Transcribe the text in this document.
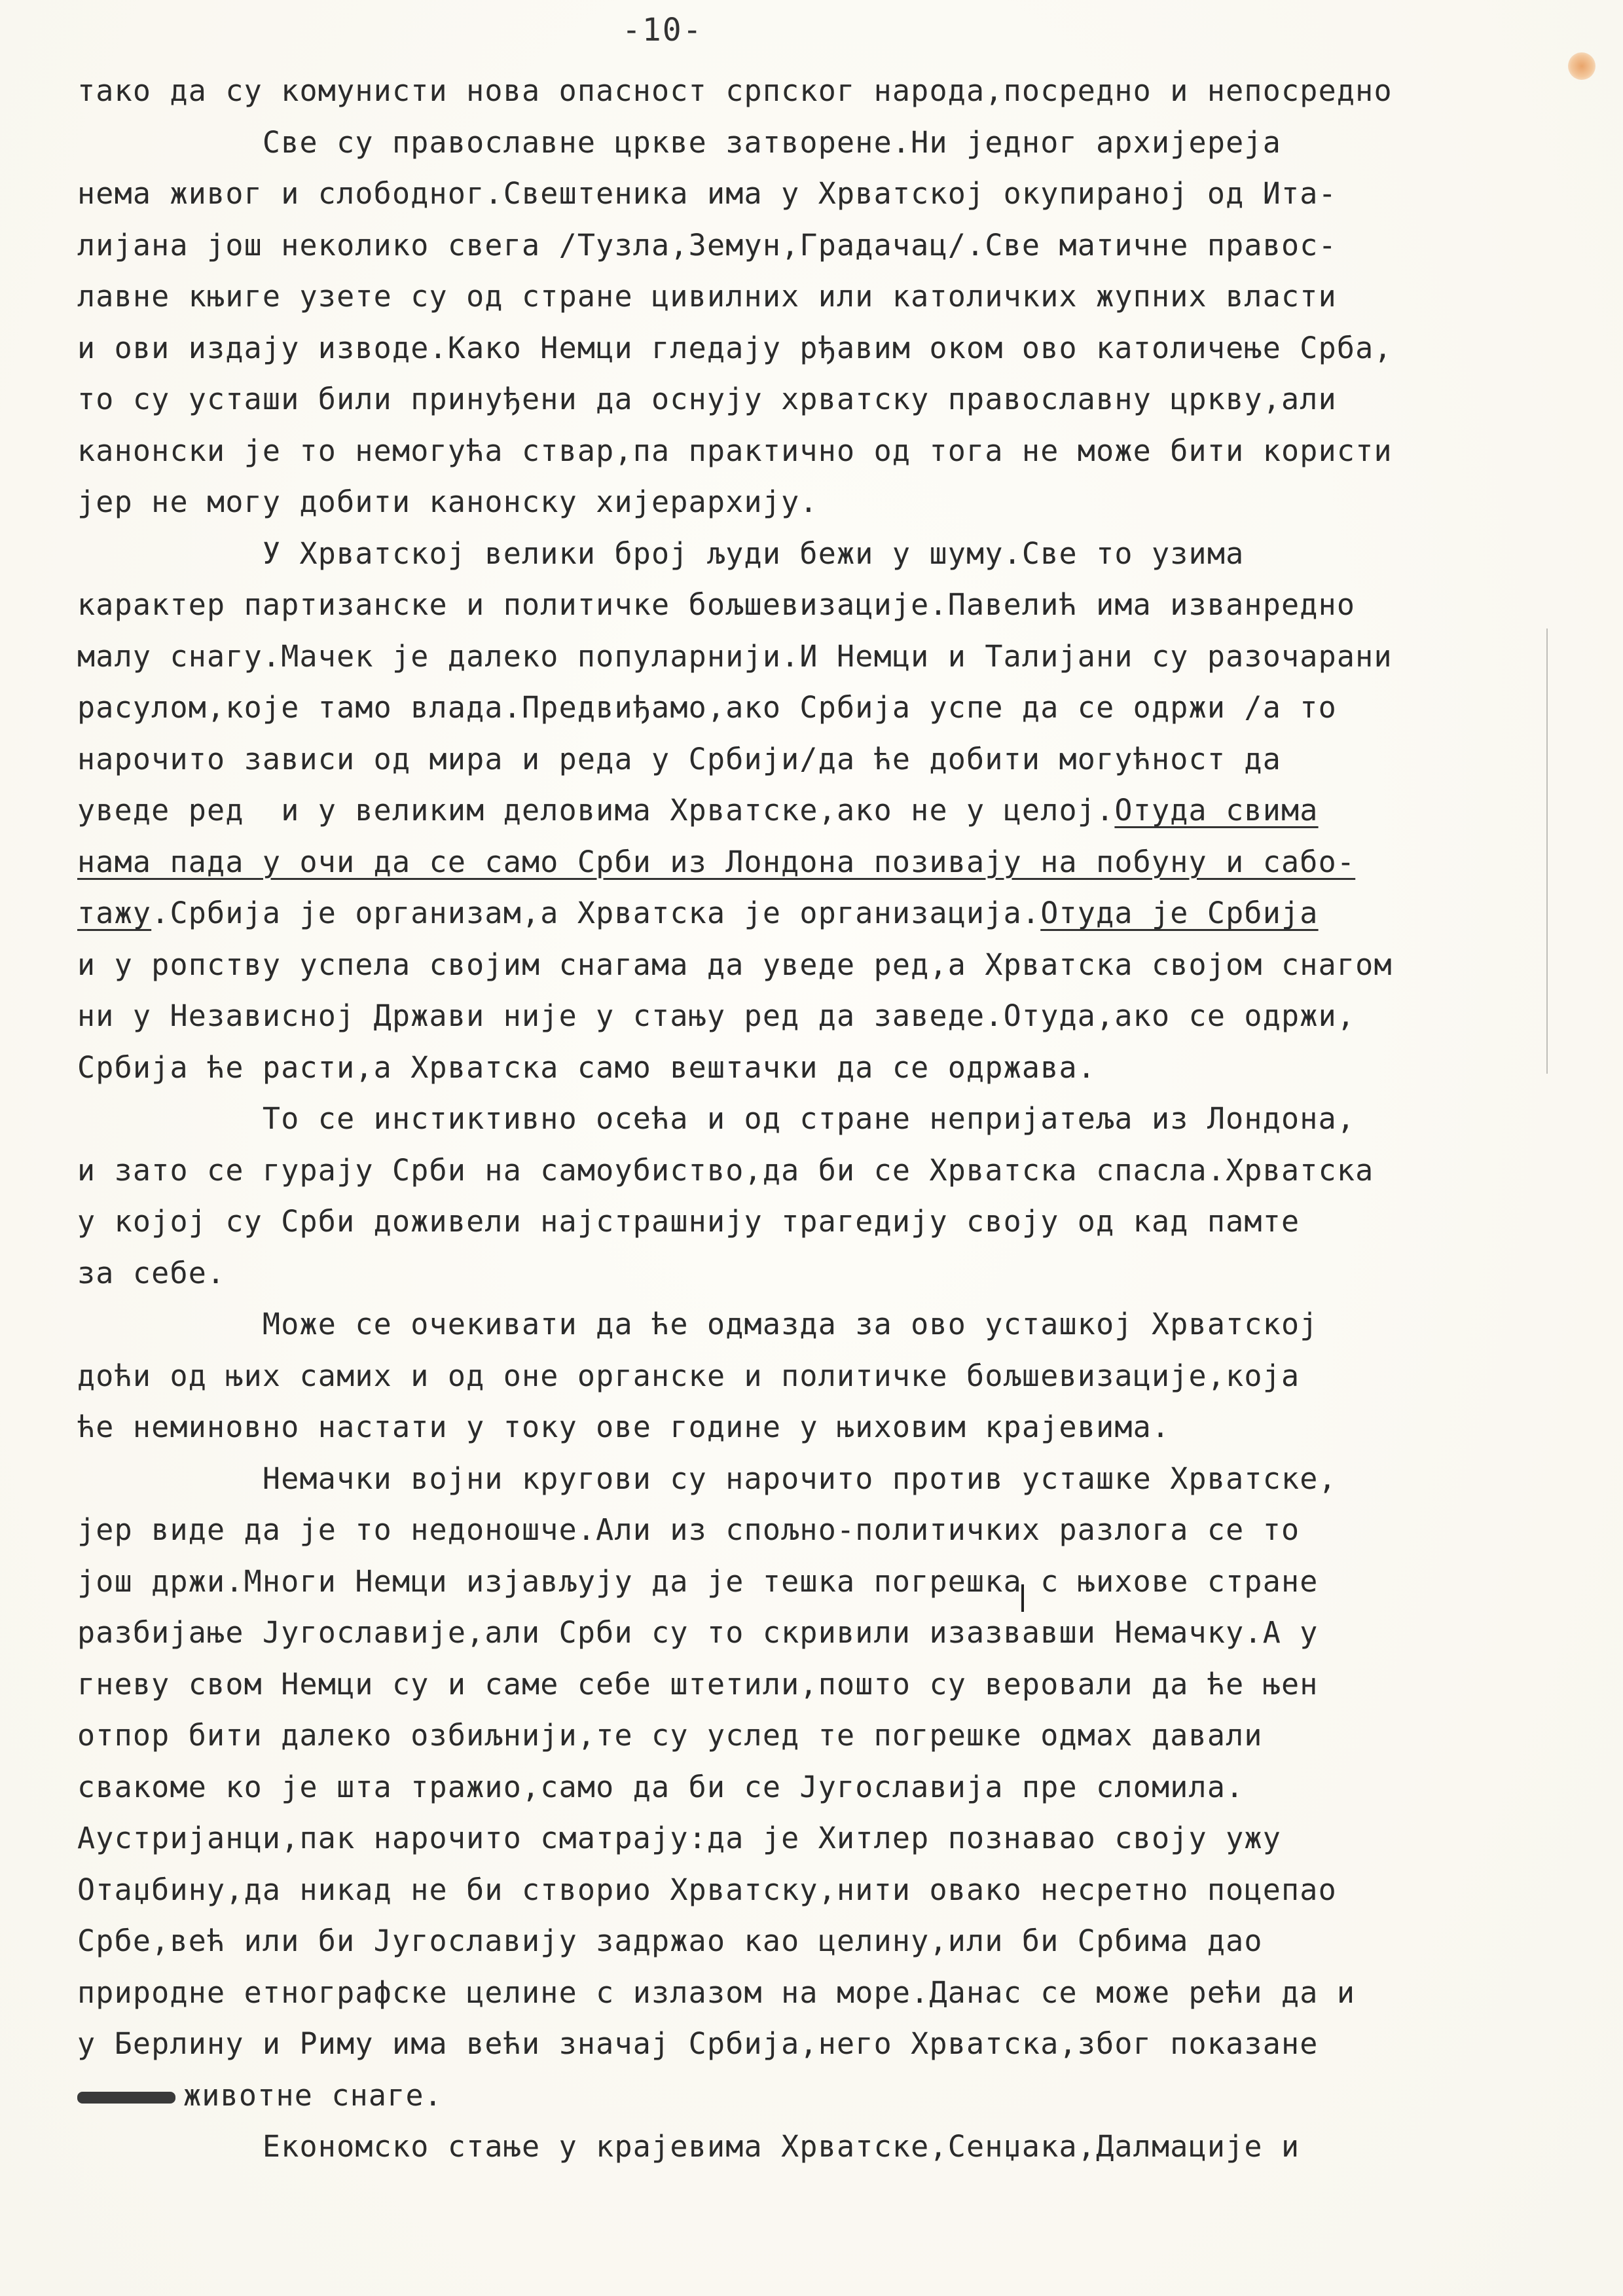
-10-
тако да су комунисти нова опасност српског народа,посредно и непосредно
Све су православне цркве затворене.Ни једног архијереја
нема живог и слободног.Свештеника има у Хрватској окупираној од Ита-
лијана још неколико свега /Тузла,Земун,Градачац/.Све матичне правос-
лавне књиге узете су од стране цивилних или католичких жупних власти
и ови издају изводе.Како Немци гледају рђавим оком ово католичење Срба,
то су усташи били принуђени да оснују хрватску православну цркву,али
канонски је то немогућа ствар,па практично од тога не може бити користи
јер не могу добити канонску хијерархију.
У Хрватској велики број људи бежи у шуму.Све то узима
карактер партизанске и политичке бољшевизације.Павелић има изванредно
малу снагу.Мачек је далеко популарнији.И Немци и Талијани су разочарани
расулом,које тамо влада.Предвиђамо,ако Србија успе да се одржи /а то
нарочито зависи од мира и реда у Србији/да ће добити могућност да
уведе ред  и у великим деловима Хрватске,ако не у целој.Отуда свима
нама пада у очи да се само Срби из Лондона позивају на побуну и сабо-
тажу.Србија је организам,а Хрватска је организација.Отуда је Србија
и у ропству успела својим снагама да уведе ред,а Хрватска својом снагом
ни у Независној Држави није у стању ред да заведе.Отуда,ако се одржи,
Србија ће расти,а Хрватска само вештачки да се одржава.
То се инстиктивно осећа и од стране непријатеља из Лондона,
и зато се гурају Срби на самоубиство,да би се Хрватска спасла.Хрватска
у којој су Срби доживели најстрашнију трагедију своју од кад памте
за себе.
Може се очекивати да ће одмазда за ово усташкој Хрватској
доћи од њих самих и од оне органске и политичке бољшевизације,која
ће неминовно настати у току ове године у њиховим крајевима.
Немачки војни кругови су нарочито против усташке Хрватске,
јер виде да је то недоношче.Али из спољно-политичких разлога се то
још држи.Многи Немци изјављују да је тешка погрешка с њихове стране
разбијање Југославије,али Срби су то скривили изазвавши Немачку.А у
гневу свом Немци су и саме себе штетили,пошто су веровали да ће њен
отпор бити далеко озбиљнији,те су услед те погрешке одмах давали
свакоме ко је шта тражио,само да би се Југославија пре сломила.
Аустријанци,пак нарочито сматрају:да је Хитлер познавао своју ужу
Отаџбину,да никад не би створио Хрватску,нити овако несретно поцепао
Србе,већ или би Југославију задржао као целину,или би Србима дао
природне етнографске целине с излазом на море.Данас се може рећи да и
у Берлину и Риму има већи значај Србија,него Хрватска,због показане
животне снаге.
Економско стање у крајевима Хрватске,Сенџака,Далмације и
